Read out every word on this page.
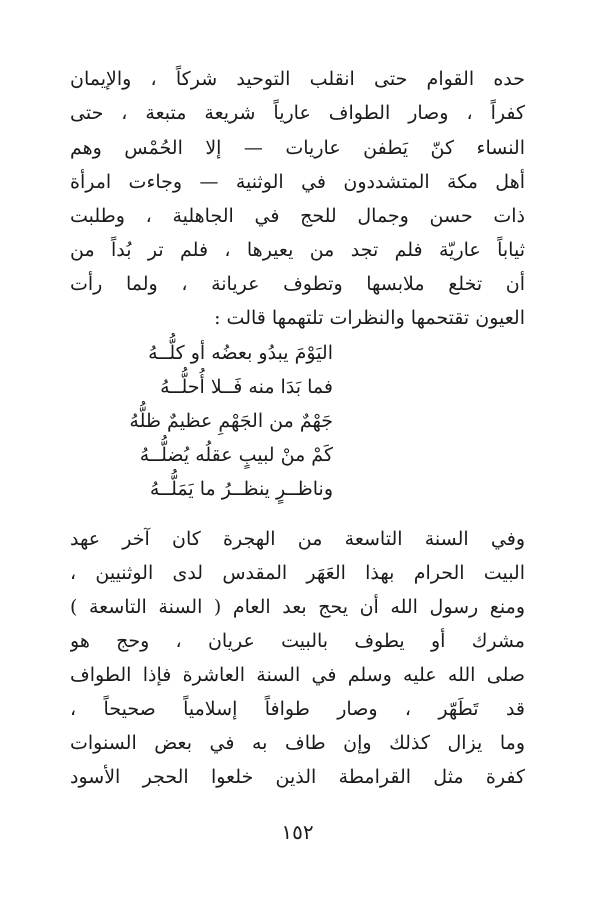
حده القوام حتى انقلب التوحيد شركاً ، والإيمان
كفراً ، وصار الطواف عارياً شريعة متبعة ، حتى
النساء كنّ يَطفن عاريات — إلا الحُمْس وهم
أهل مكة المتشددون في الوثنية — وجاءت امرأة
ذات حسن وجمال للحج في الجاهلية ، وطلبت
ثياباً عاريّة فلم تجد من يعيرها ، فلم تر بُداً من
أن تخلع ملابسها وتطوف عريانة ، ولما رأت
العيون تقتحمها والنظرات تلتهمها قالت :
اليَوْمَ يبدُو بعضُه أو كلُّــهُ
فما بَدَا منه فَــلا أُحلُّــهُ
جَهْمٌ من الجَهْمِ عظيمٌ ظلُّهُ
كَمْ منْ لبيبٍ عقلُه يُضلُّــهُ
وناظــرٍ ينظــرُ ما يَمَلُّــهُ
وفي السنة التاسعة من الهجرة كان آخر عهد
البيت الحرام بهذا العَهَر المقدس لدى الوثنيين ،
ومنع رسول الله أن يحج بعد العام ( السنة التاسعة )
مشرك أو يطوف بالبيت عريان ، وحج هو
صلى الله عليه وسلم في السنة العاشرة فإذا الطواف
قد تَطَهّر ، وصار طوافاً إسلامياً صحيحاً ،
وما يزال كذلك وإن طاف به في بعض السنوات
كفرة مثل القرامطة الذين خلعوا الحجر الأسود
١٥٢
